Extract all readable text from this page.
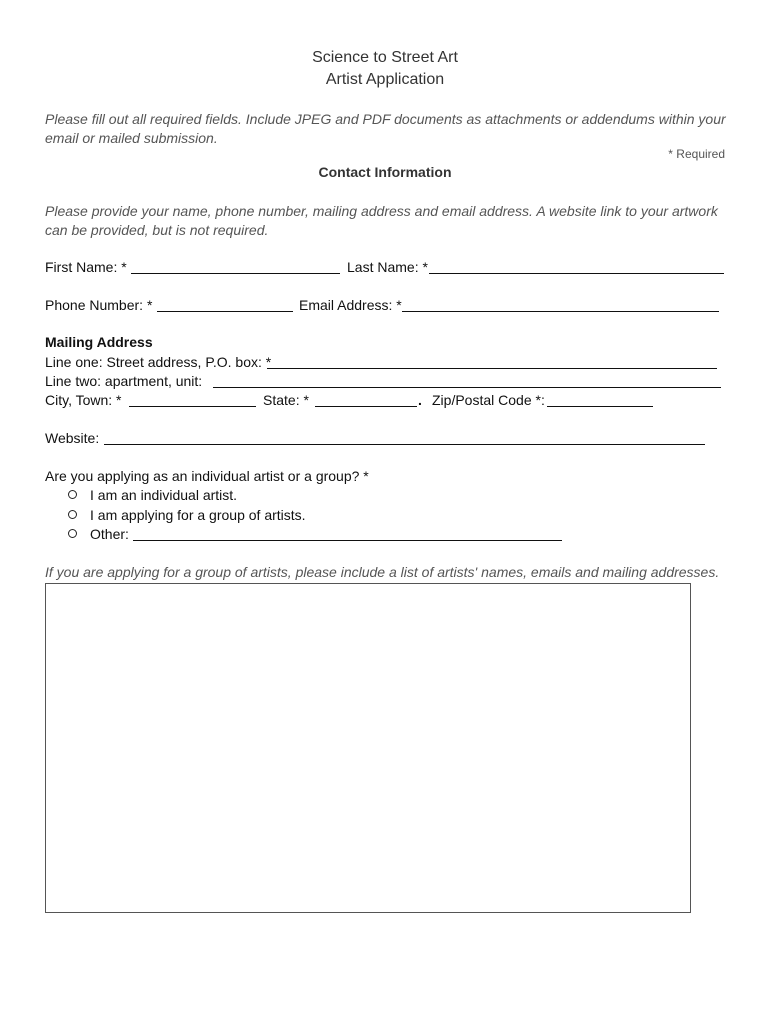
Science to Street Art
Artist Application
Please fill out all required fields. Include JPEG and PDF documents as attachments or addendums within your email or mailed submission.
* Required
Contact Information
Please provide your name, phone number, mailing address and email address. A website link to your artwork can be provided, but is not required.
First Name: *	Last Name: *
Phone Number: *	Email Address: *
Mailing Address
Line one: Street address, P.O. box: *
Line two: apartment, unit:
City, Town: *	State: *	. Zip/Postal Code *:
Website:
Are you applying as an individual artist or a group? *
I am an individual artist.
I am applying for a group of artists.
Other:
If you are applying for a group of artists, please include a list of artists' names, emails and mailing addresses.
